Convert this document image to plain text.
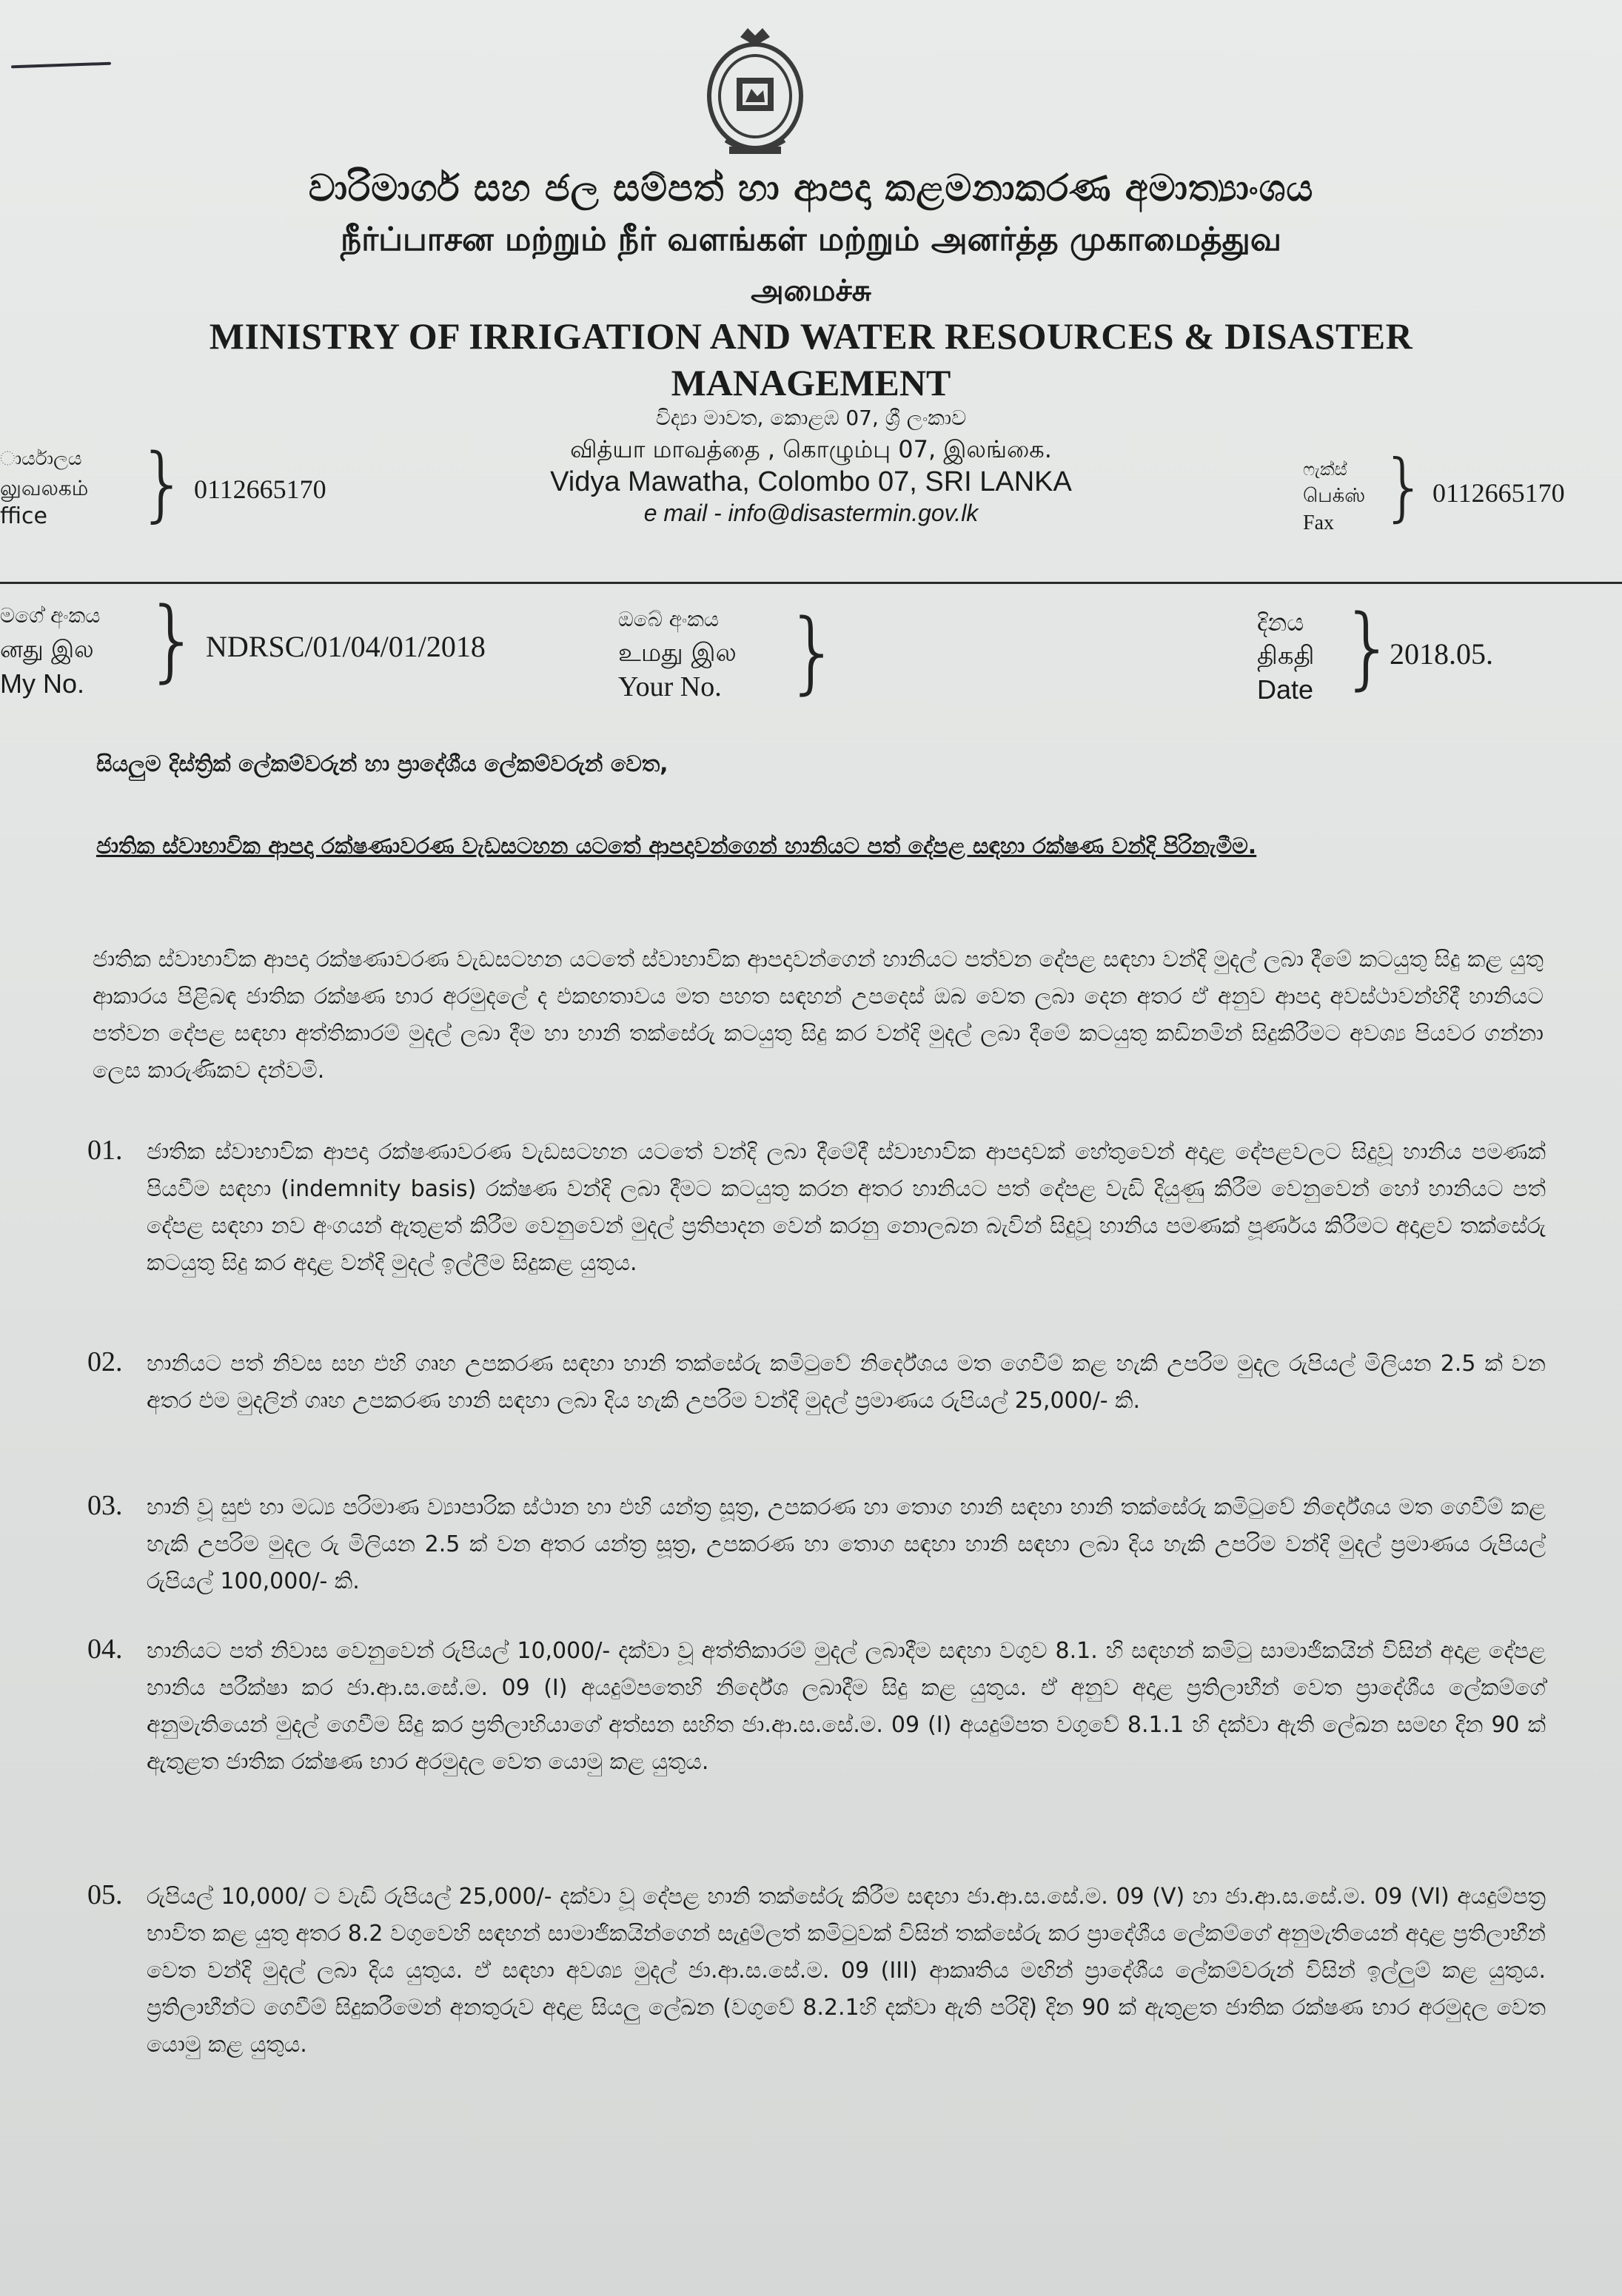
වාරිමාර්ග සහ ජල සම්පත් හා ආපදා කළමනාකරණ අමාත්‍යාංශය
நீர்ப்பாசன மற்றும் நீர் வளங்கள் மற்றும் அனர்த்த முகாமைத்துவ
அமைச்சு
MINISTRY OF IRRIGATION AND WATER RESOURCES & DISASTER
MANAGEMENT
විද්‍යා මාවත, කොළඹ 07, ශ්‍රී ලංකාව
வித்யா மாவத்தை , கொழும்பு 07, இலங்கை.
Vidya Mawatha, Colombo 07, SRI LANKA
e mail - info@disastermin.gov.lk
ාර්යාලය
லுவலகம்
ffice } 0112665170
ෆැක්ස්
பெக்ஸ்
Fax } 0112665170
මගේ අංකය
னது இல
My No. } NDRSC/01/04/01/2018
ඔබේ අංකය
உமது இல
Your No. }	දිනය
திகதி
Date }
2018.05.
සියලුම දිස්ත්‍රික් ලේකම්වරුන් හා ප්‍රාදේශීය ලේකම්වරුන් වෙත,
ජාතික ස්වාභාවික ආපදා රක්ෂණාවරණ වැඩසටහන යටතේ ආපදාවන්ගෙන් හානියට පත් දේපළ සඳහා රක්ෂණ වන්දි පිරිනැමීම.
ජාතික ස්වාභාවික ආපදා රක්ෂණාවරණ වැඩසටහන යටතේ ස්වාභාවික ආපදාවන්ගෙන් හානියට පත්වන දේපළ සඳහා වන්දි මුදල් ලබා දීමේ කටයුතු සිදු කළ යුතු ආකාරය පිළිබඳ ජාතික රක්ෂණ භාර අරමුදලේ ද එකඟතාවය මත පහත සඳහන් උපදෙස් ඔබ වෙත ලබා දෙන අතර ඒ අනුව ආපදා අවස්ථාවන්හිදී හානියට පත්වන දේපළ සඳහා අත්තිකාරම් මුදල් ලබා දීම හා හානි තක්සේරු කටයුතු සිදු කර වන්දි මුදල් ලබා දීමේ කටයුතු කඩිනමින් සිදුකිරීමට අවශ්‍ය පියවර ගන්නා ලෙස කාරුණිකව දන්වමි.
01. ජාතික ස්වාභාවික ආපදා රක්ෂණාවරණ වැඩසටහන යටතේ වන්දි ලබා දීමේදී ස්වාභාවික ආපදාවක් හේතුවෙන් අදාළ දේපළවලට සිදුවූ හානිය පමණක් පියවීම සඳහා (indemnity basis) රක්ෂණ වන්දි ලබා දීමට කටයුතු කරන අතර හානියට පත් දේපළ වැඩි දියුණු කිරීම වෙනුවෙන් හෝ හානියට පත් දේපළ සඳහා නව අංගයන් ඇතුළත් කිරීම වෙනුවෙන් මුදල් ප්‍රතිපාදන වෙන් කරනු නොලබන බැවින් සිදුවූ හානිය පමණක් පූර්ණය කිරීමට අදාළව තක්සේරු කටයුතු සිදු කර අදාළ වන්දි මුදල් ඉල්ලීම සිදුකළ යුතුය.
02. හානියට පත් නිවස සහ එහි ගෘහ උපකරණ සඳහා හානි තක්සේරු කමිටුවේ නිර්දේශය මත ගෙවීම් කළ හැකි උපරිම මුදල රුපියල් මිලියන 2.5 ක් වන අතර එම මුදලින් ගෘහ උපකරණ හානි සඳහා ලබා දිය හැකි උපරිම වන්දි මුදල් ප්‍රමාණය රුපියල් 25,000/- කි.
03. හානි වූ සුළු හා මධ්‍ය පරිමාණ ව්‍යාපාරික ස්ථාන හා එහි යන්ත්‍ර සූත්‍ර, උපකරණ හා තොග හානි සඳහා හානි තක්සේරු කමිටුවේ නිර්දේශය මත ගෙවීම් කළ හැකි උපරිම මුදල රු මිලියන 2.5 ක් වන අතර යන්ත්‍ර සූත්‍ර, උපකරණ හා තොග සඳහා හානි සඳහා ලබා දිය හැකි උපරිම වන්දි මුදල් ප්‍රමාණය රුපියල් රුපියල් 100,000/- කි.
04. හානියට පත් නිවාස වෙනුවෙන් රුපියල් 10,000/- දක්වා වූ අත්තිකාරම් මුදල් ලබාදීම සඳහා වගුව 8.1. හි සඳහන් කමිටු සාමාජිකයින් විසින් අදාළ දේපළ හානිය පරීක්ෂා කර ජා.ආ.ස.සේ.ම. 09 (I) අයදුම්පතෙහි නිර්දේශ ලබාදීම සිදු කළ යුතුය. ඒ අනුව අදාළ ප්‍රතිලාභීන් වෙත ප්‍රාදේශීය ලේකම්ගේ අනුමැතියෙන් මුදල් ගෙවීම සිදු කර ප්‍රතිලාභියාගේ අත්සන සහිත ජා.ආ.ස.සේ.ම. 09 (I) අයදුම්පත වගුවේ 8.1.1 හි දක්වා ඇති ලේඛන සමඟ දින 90 ක් ඇතුළත ජාතික රක්ෂණ භාර අරමුදල වෙත යොමු කළ යුතුය.
05. රුපියල් 10,000/ ට වැඩි රුපියල් 25,000/- දක්වා වූ දේපළ හානි තක්සේරු කිරීම සඳහා ජා.ආ.ස.සේ.ම. 09 (V) හා ජා.ආ.ස.සේ.ම. 09 (VI) අයදුම්පත්‍ර භාවිත කළ යුතු අතර 8.2 වගුවෙහි සඳහන් සාමාජිකයින්ගෙන් සැදුම්ලත් කමිටුවක් විසින් තක්සේරු කර ප්‍රාදේශීය ලේකම්ගේ අනුමැතියෙන් අදාළ ප්‍රතිලාභීන් වෙත වන්දි මුදල් ලබා දිය යුතුය. ඒ සඳහා අවශ්‍ය මුදල් ජා.ආ.ස.සේ.ම. 09 (III) ආකෘතිය මඟින් ප්‍රාදේශීය ලේකම්වරුන් විසින් ඉල්ලුම් කළ යුතුය. ප්‍රතිලාභීන්ට ගෙවීම් සිදුකරීමෙන් අනතුරුව අදාළ සියලු ලේඛන (වගුවේ 8.2.1හි දක්වා ඇති පරිදි) දින 90 ක් ඇතුළත ජාතික රක්ෂණ භාර අරමුදල වෙත යොමු කළ යුතුය.
